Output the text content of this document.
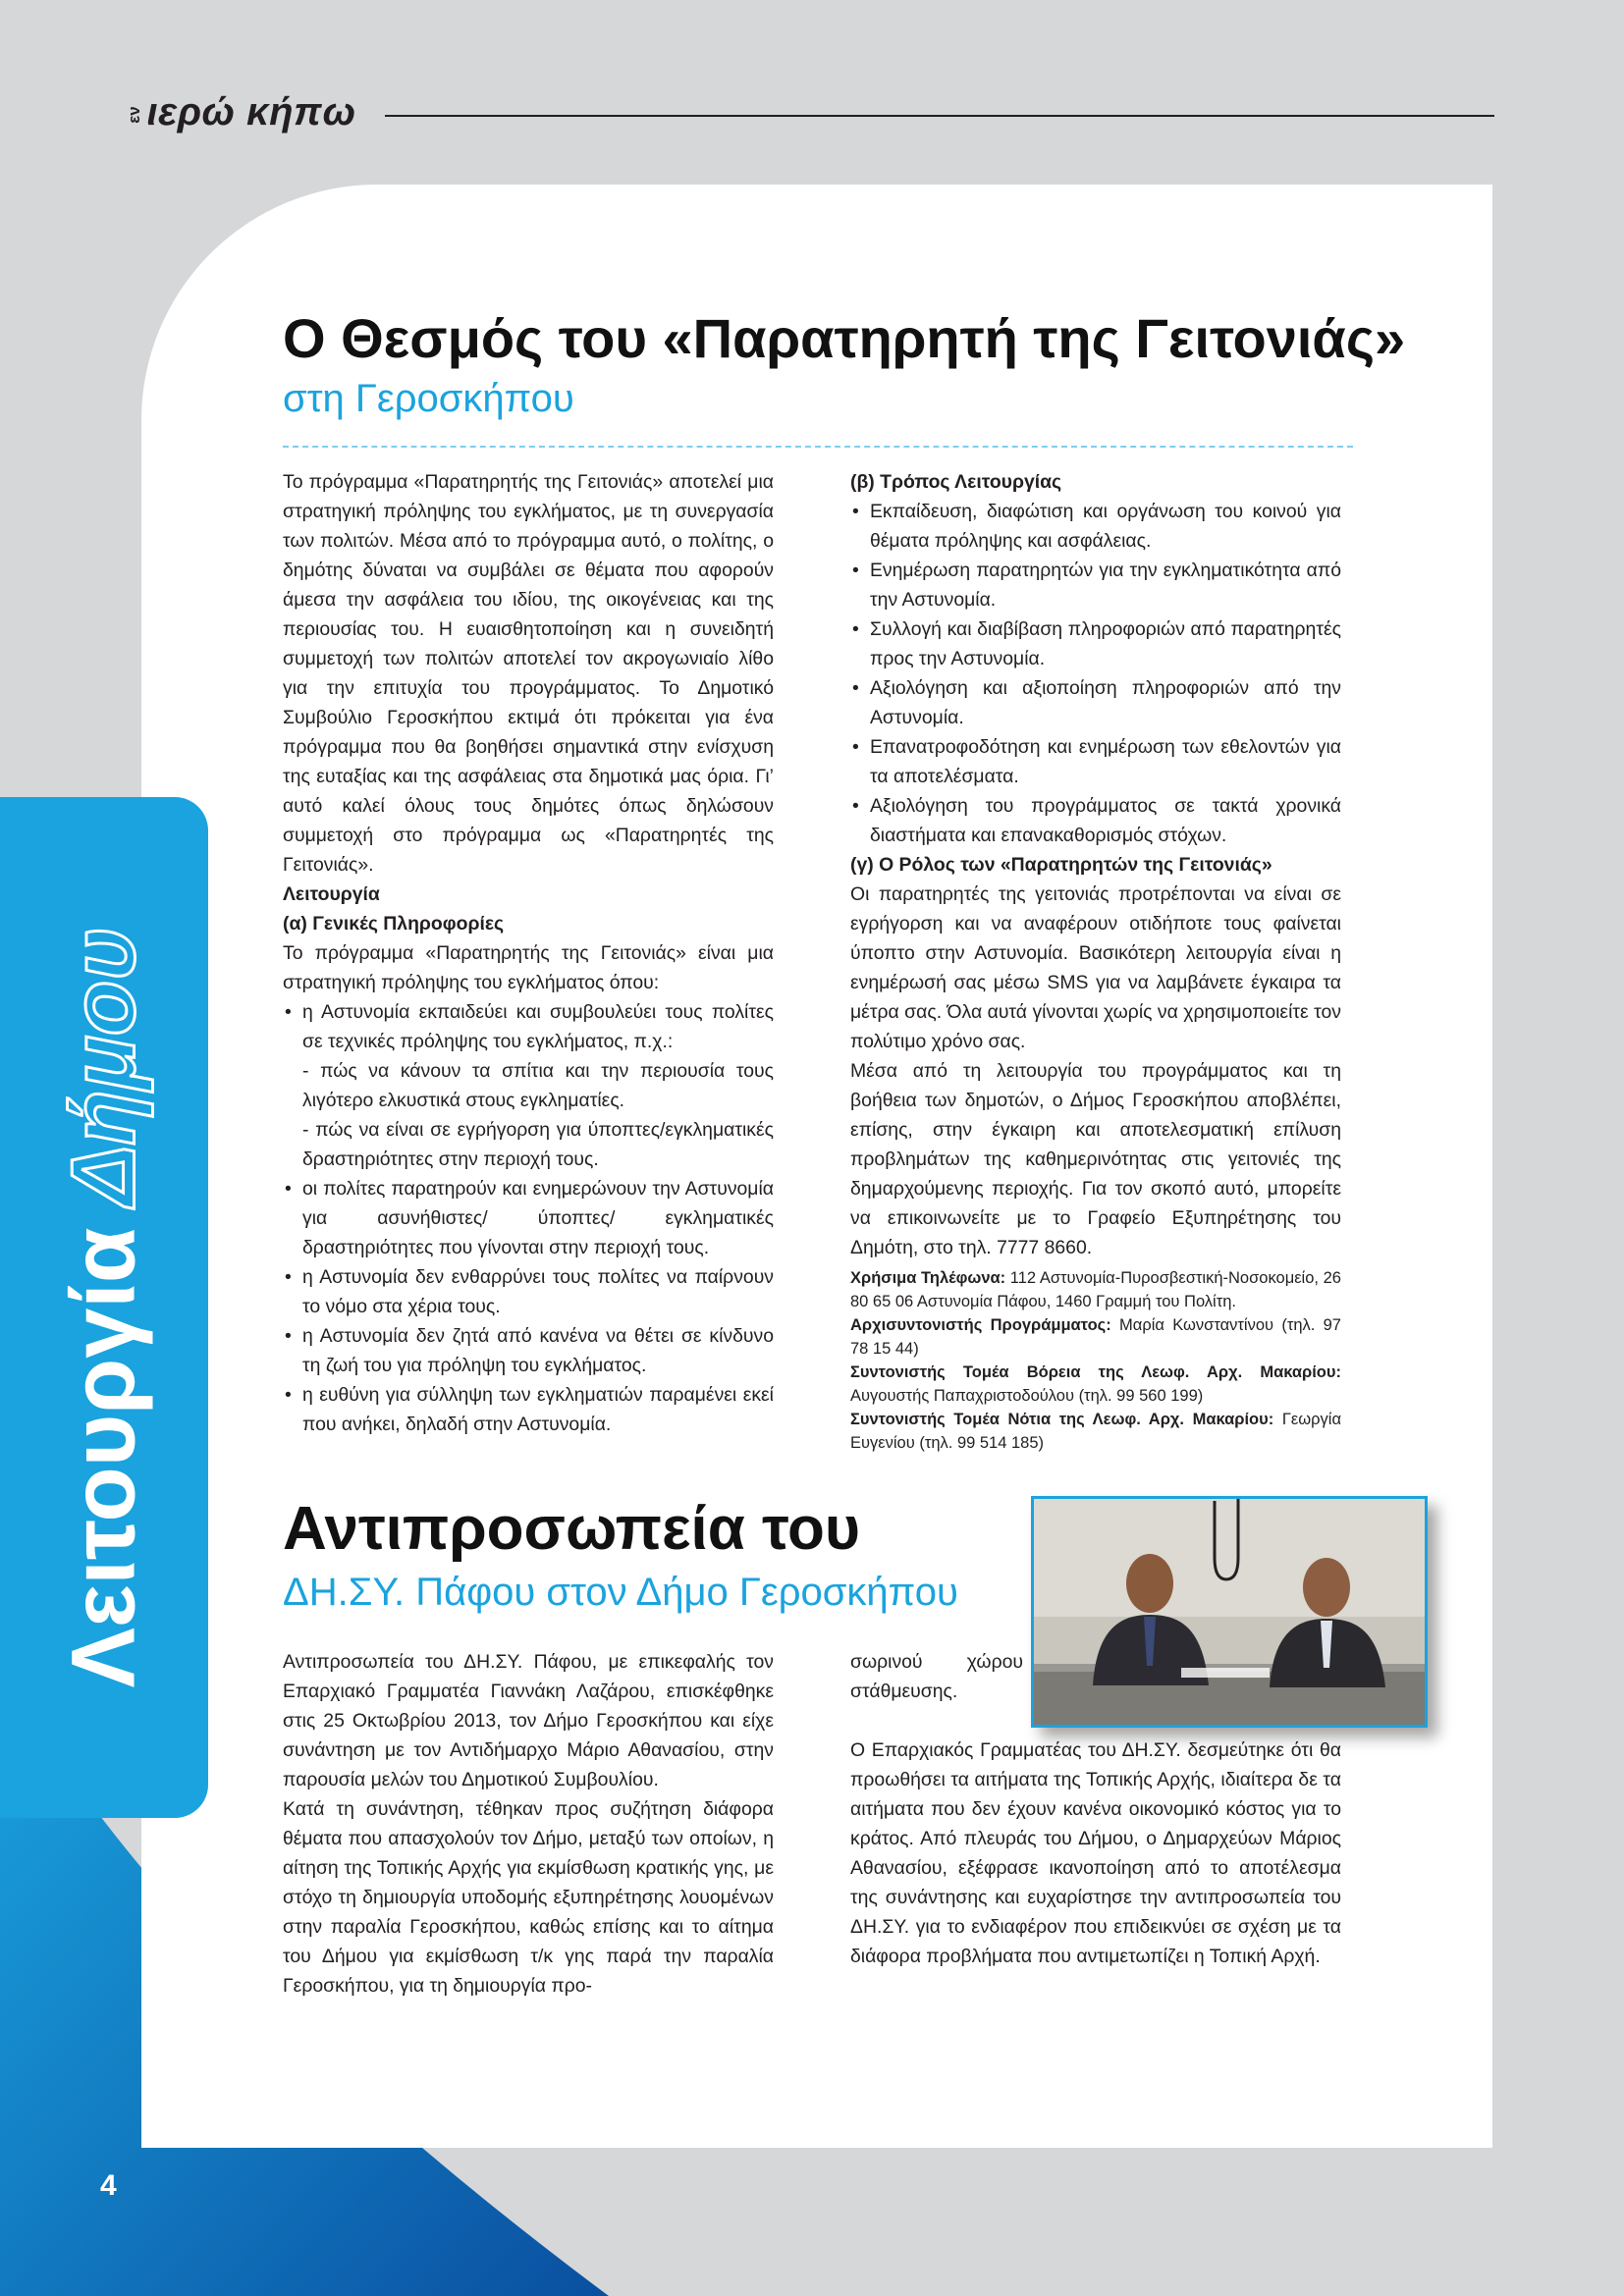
εν ιερώ κήπω
ΛειτουργίαΔήμου
Ο Θεσμός του «Παρατηρητή της Γειτονιάς»
στη Γεροσκήπου

Το πρόγραμμα «Παρατηρητής της Γειτονιάς» αποτελεί μια στρατηγική πρόληψης του εγκλήματος, με τη συνεργασία των πολιτών. Μέσα από το πρόγραμμα αυτό, ο πολίτης, ο δημότης δύναται να συμβάλει σε θέματα που αφορούν άμεσα την ασφάλεια του ιδίου, της οικογένειας και της περιουσίας του. Η ευαισθητοποίηση και η συνειδητή συμμετοχή των πολιτών αποτελεί τον ακρογωνιαίο λίθο για την επιτυχία του προγράμματος. Το Δημοτικό Συμβούλιο Γεροσκήπου εκτιμά ότι πρόκειται για ένα πρόγραμμα που θα βοηθήσει σημαντικά στην ενίσχυση της ευταξίας και της ασφάλειας στα δημοτικά μας όρια. Γι’ αυτό καλεί όλους τους δημότες όπως δηλώσουν συμμετοχή στο πρόγραμμα ως «Παρατηρητές της Γειτονιάς».

Λειτουργία

(α) Γενικές Πληροφορίες

Το πρόγραμμα «Παρατηρητής της Γειτονιάς» είναι μια στρατηγική πρόληψης του εγκλήματος όπου:

• η Αστυνομία εκπαιδεύει και συμβουλεύει τους πολίτες σε τεχνικές πρόληψης του εγκλήματος, π.χ.:
- πώς να κάνουν τα σπίτια και την περιουσία τους λιγότερο ελκυστικά στους εγκληματίες.
- πώς να είναι σε εγρήγορση για ύποπτες/εγκληματικές δραστηριότητες στην περιοχή τους.
• οι πολίτες παρατηρούν και ενημερώνουν την Αστυνομία για ασυνήθιστες/ ύποπτες/ εγκληματικές δραστηριότητες που γίνονται στην περιοχή τους.
• η Αστυνομία δεν ενθαρρύνει τους πολίτες να παίρνουν το νόμο στα χέρια τους.
• η Αστυνομία δεν ζητά από κανένα να θέτει σε κίνδυνο τη ζωή του για πρόληψη του εγκλήματος.
• η ευθύνη για σύλληψη των εγκληματιών παραμένει εκεί που ανήκει, δηλαδή στην Αστυνομία.

(β) Τρόπος Λειτουργίας

• Εκπαίδευση, διαφώτιση και οργάνωση του κοινού για θέματα πρόληψης και ασφάλειας.
• Ενημέρωση παρατηρητών για την εγκληματικότητα από την Αστυνομία.
• Συλλογή και διαβίβαση πληροφοριών από παρατηρητές προς την Αστυνομία.
• Αξιολόγηση και αξιοποίηση πληροφοριών από την Αστυνομία.
• Επανατροφοδότηση και ενημέρωση των εθελοντών για τα αποτελέσματα.
• Αξιολόγηση του προγράμματος σε τακτά χρονικά διαστήματα και επανακαθορισμός στόχων.

(γ) Ο Ρόλος των «Παρατηρητών της Γειτονιάς»

Οι παρατηρητές της γειτονιάς προτρέπονται να είναι σε εγρήγορση και να αναφέρουν οτιδήποτε τους φαίνεται ύποπτο στην Αστυνομία. Βασικότερη λειτουργία είναι η ενημέρωσή σας μέσω SMS για να λαμβάνετε έγκαιρα τα μέτρα σας. Όλα αυτά γίνονται χωρίς να χρησιμοποιείτε τον πολύτιμο χρόνο σας.

Μέσα από τη λειτουργία του προγράμματος και τη βοήθεια των δημοτών, ο Δήμος Γεροσκήπου αποβλέπει, επίσης, στην έγκαιρη και αποτελεσματική επίλυση προβλημάτων της καθημερινότητας στις γειτονιές της δημαρχούμενης περιοχής. Για τον σκοπό αυτό, μπορείτε να επικοινωνείτε με το Γραφείο Εξυπηρέτησης του Δημότη, στο τηλ. 7777 8660.

Χρήσιμα Τηλέφωνα: 112 Αστυνομία-Πυροσβεστική-Νοσοκομείο, 26 80 65 06 Αστυνομία Πάφου, 1460 Γραμμή του Πολίτη.

Αρχισυντονιστής Προγράμματος: Μαρία Κωνσταντίνου (τηλ. 97 78 15 44)

Συντονιστής Τομέα Βόρεια της Λεωφ. Αρχ. Μακαρίου: Αυγουστής Παπαχριστοδούλου (τηλ. 99 560 199)

Συντονιστής Τομέα Νότια της Λεωφ. Αρχ. Μακαρίου: Γεωργία Ευγενίου (τηλ. 99 514 185)

Αντιπροσωπεία του
ΔΗ.ΣΥ. Πάφου στον Δήμο Γεροσκήπου

Αντιπροσωπεία του ΔΗ.ΣΥ. Πάφου, με επικεφαλής τον Επαρχιακό Γραμματέα Γιαννάκη Λαζάρου, επισκέφθηκε στις 25 Οκτωβρίου 2013, τον Δήμο Γεροσκήπου και είχε συνάντηση με τον Αντιδήμαρχο Μάριο Αθανασίου, στην παρουσία μελών του Δημοτικού Συμβουλίου.

Κατά τη συνάντηση, τέθηκαν προς συζήτηση διάφορα θέματα που απασχολούν τον Δήμο, μεταξύ των οποίων, η αίτηση της Τοπικής Αρχής για εκμίσθωση κρατικής γης, με στόχο τη δημιουργία υποδομής εξυπηρέτησης λουομένων στην παραλία Γεροσκήπου, καθώς επίσης και το αίτημα του Δήμου για εκμίσθωση τ/κ γης παρά την παραλία Γεροσκήπου, για τη δημιουργία προ-

σωρινού χώρου στάθμευσης.

Ο Επαρχιακός Γραμματέας του ΔΗ.ΣΥ. δεσμεύτηκε ότι θα προωθήσει τα αιτήματα της Τοπικής Αρχής, ιδιαίτερα δε τα αιτήματα που δεν έχουν κανένα οικονομικό κόστος για το κράτος. Από πλευράς του Δήμου, ο Δημαρχεύων Μάριος Αθανασίου, εξέφρασε ικανοποίηση από το αποτέλεσμα της συνάντησης και ευχαρίστησε την αντιπροσωπεία του ΔΗ.ΣΥ. για το ενδιαφέρον που επιδεικνύει σε σχέση με τα διάφορα προβλήματα που αντιμετωπίζει η Τοπική Αρχή.

4
